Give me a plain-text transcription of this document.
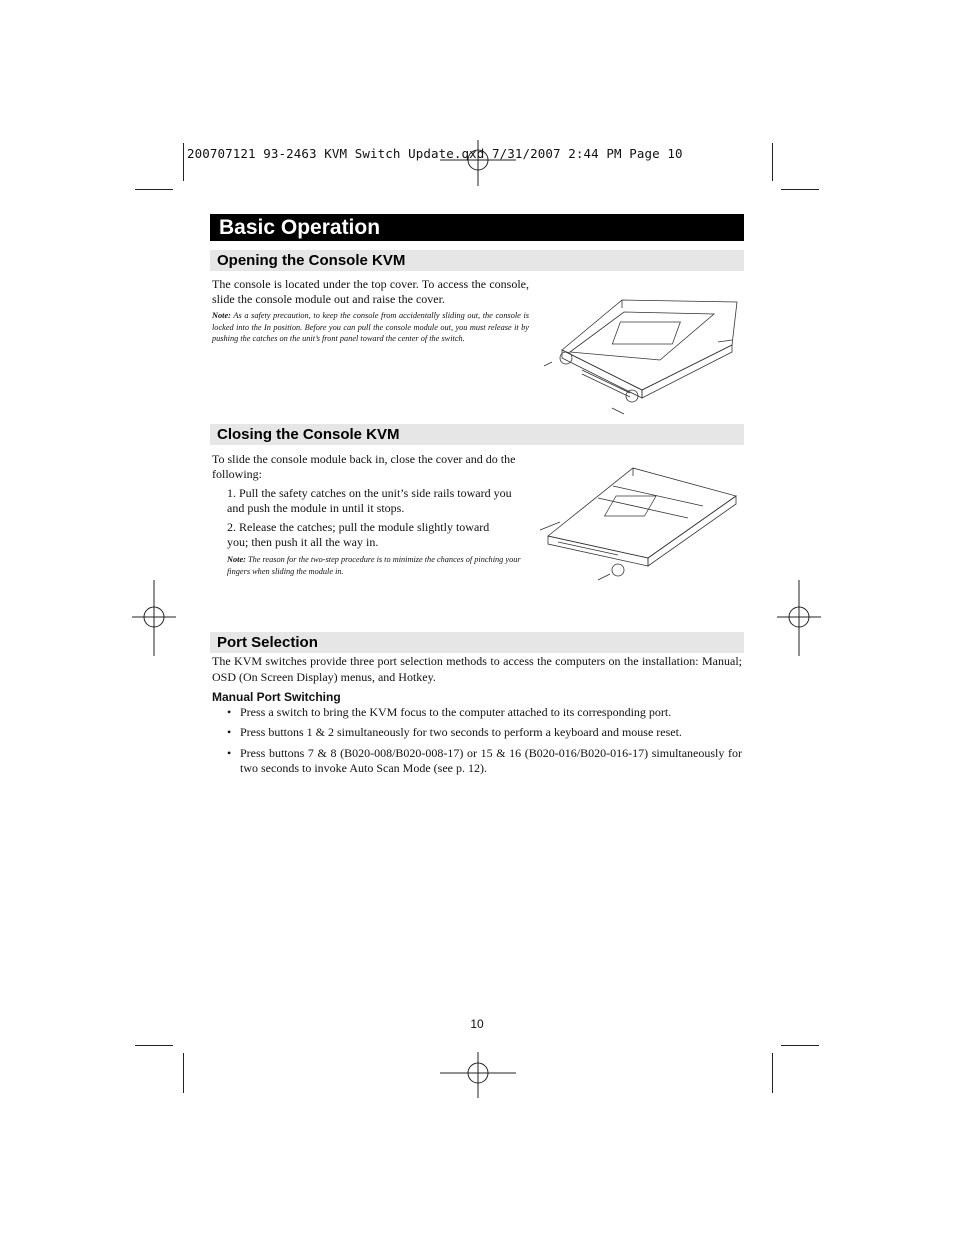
200707121 93-2463 KVM Switch Update.qxd 7/31/2007 2:44 PM Page 10
Basic Operation
Opening the Console KVM
The console is located under the top cover. To access the console, slide the console module out and raise the cover.
Note: As a safety precaution, to keep the console from accidentally sliding out, the console is locked into the In position. Before you can pull the console module out, you must release it by pushing the catches on the unit’s front panel toward the center of the switch.
Closing the Console KVM
To slide the console module back in, close the cover and do the following:
1. Pull the safety catches on the unit’s side rails toward you and push the module in until it stops.
2. Release the catches; pull the module slightly toward you; then push it all the way in.
Note: The reason for the two-step procedure is to minimize the chances of pinching your fingers when sliding the module in.
Port Selection
The KVM switches provide three port selection methods to access the computers on the installation: Manual; OSD (On Screen Display) menus, and Hotkey.
Manual Port Switching
• Press a switch to bring the KVM focus to the computer attached to its corresponding port.
• Press buttons 1 & 2 simultaneously for two seconds to perform a keyboard and mouse reset.
• Press buttons 7 & 8 (B020-008/B020-008-17) or 15 & 16 (B020-016/B020-016-17) simultaneously for two seconds to invoke Auto Scan Mode (see p. 12).
10
